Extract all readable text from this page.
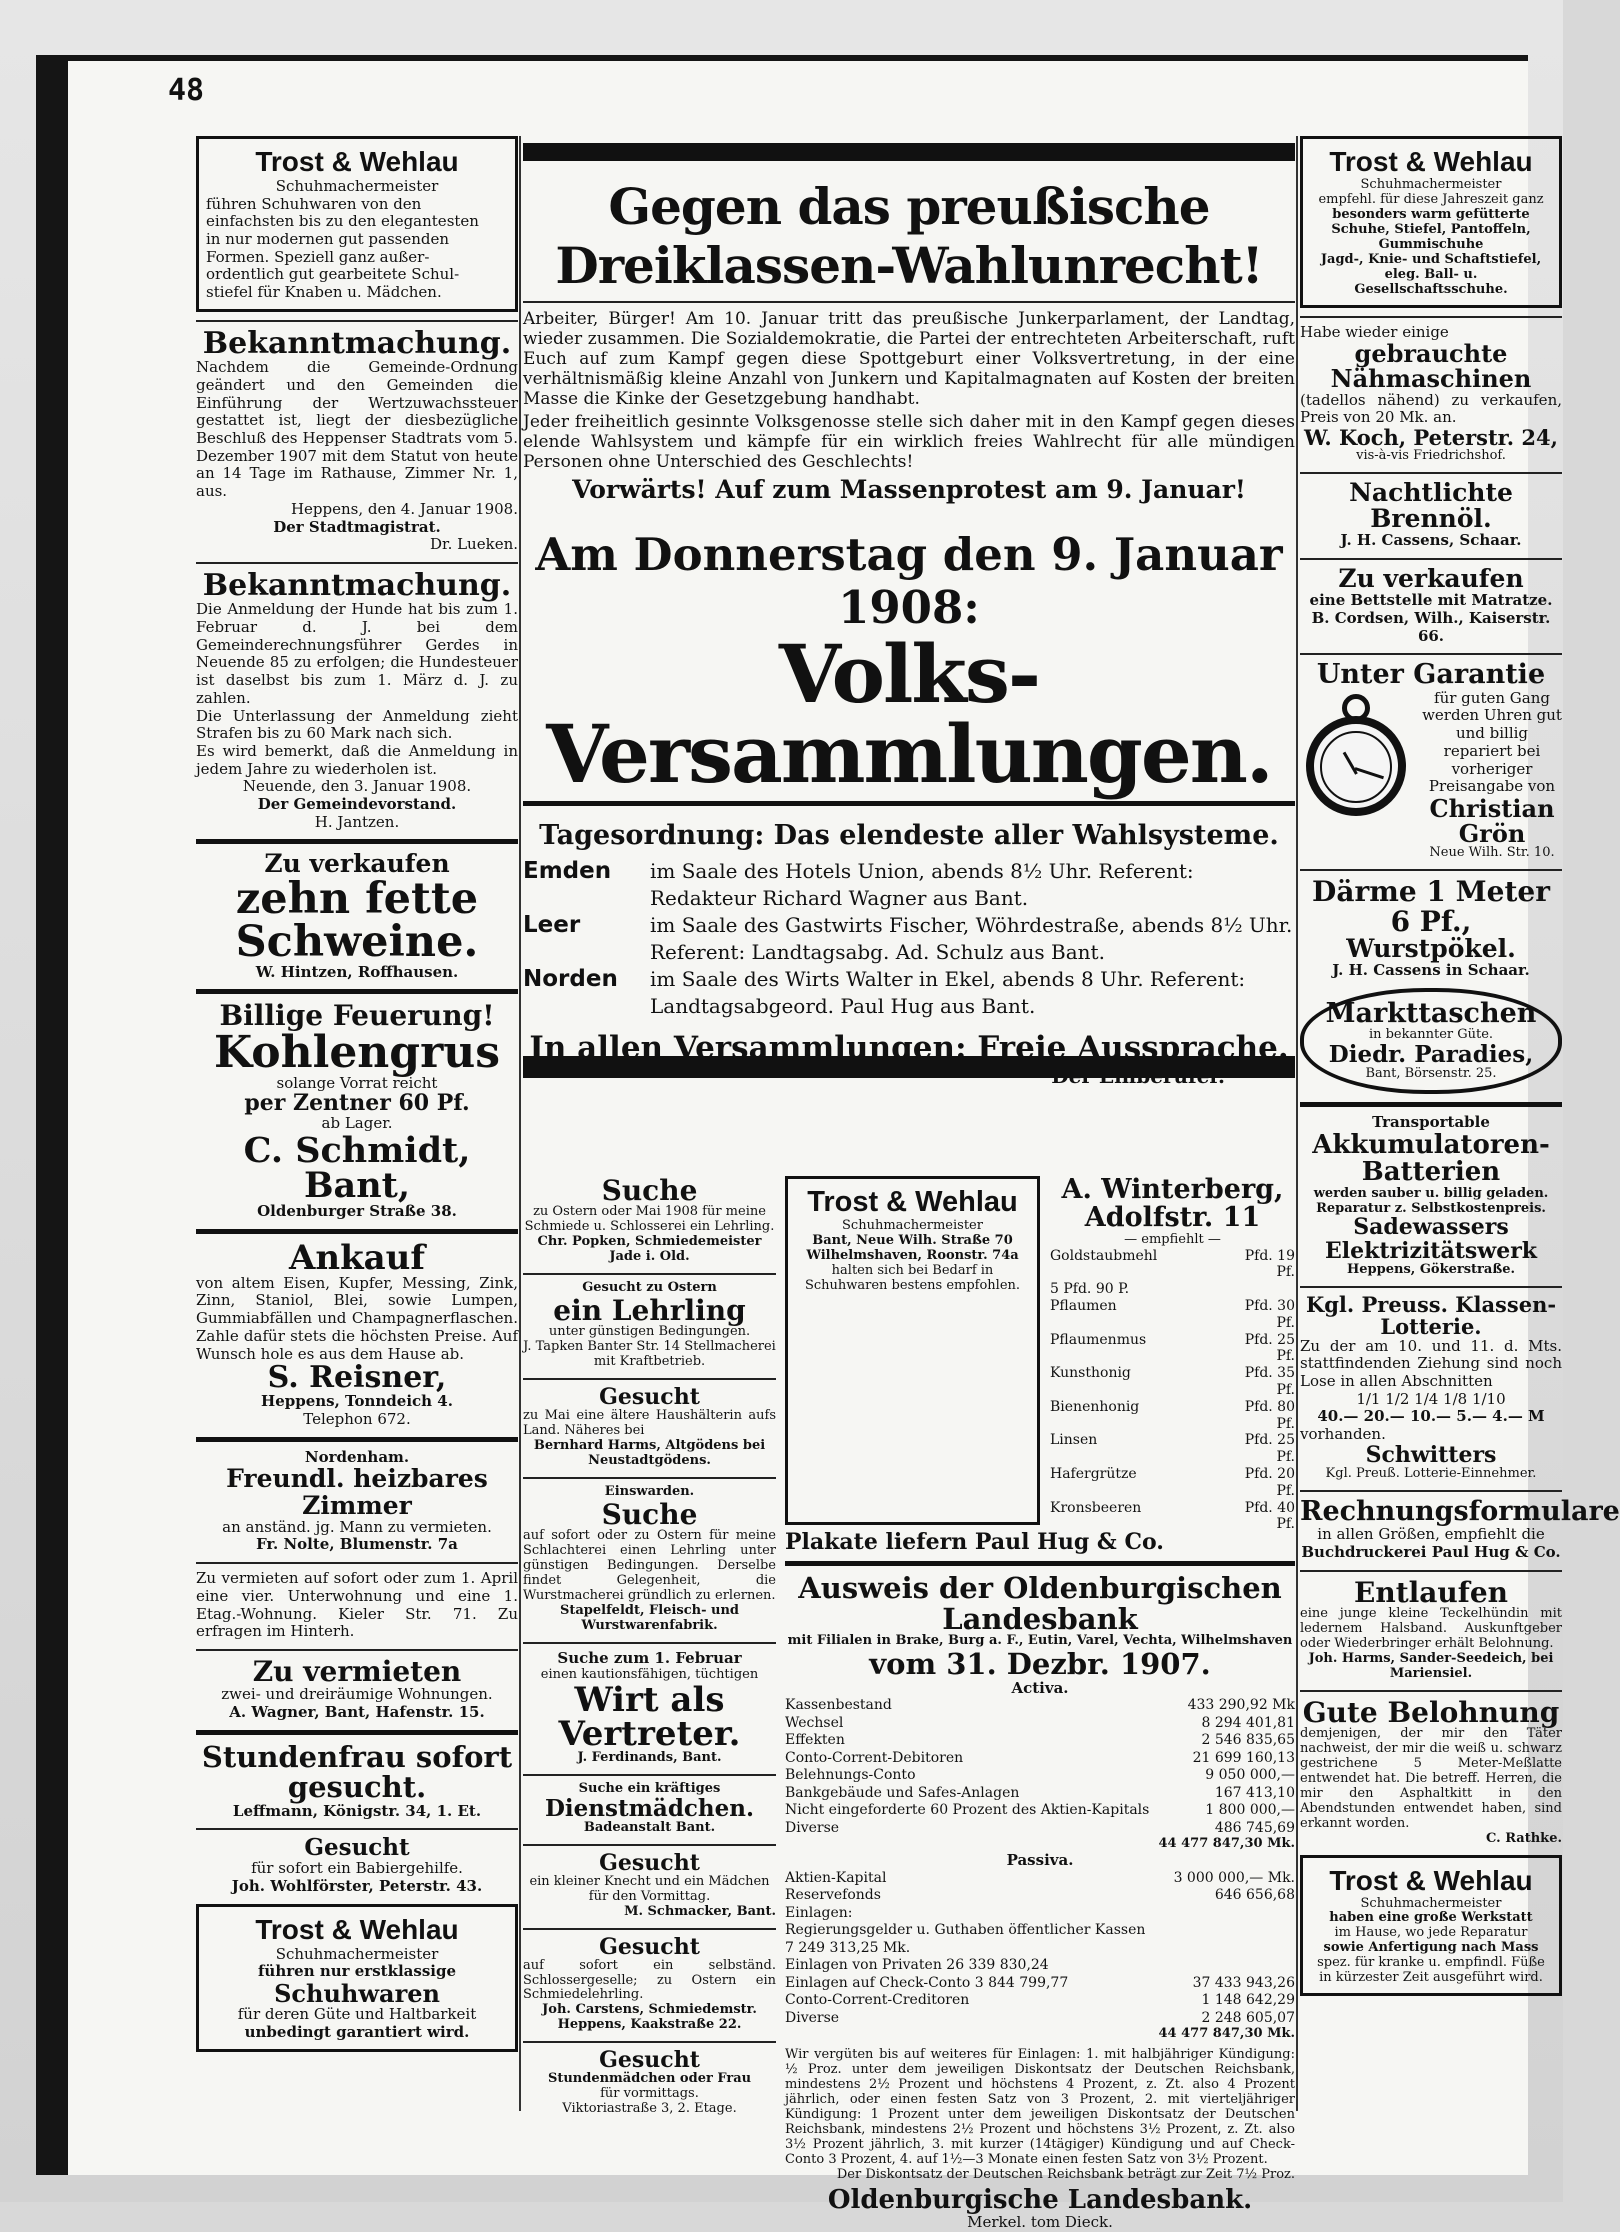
48
Trost & Wehlau
Schuhmachermeister
führen Schuhwaren von den
einfachsten bis zu den elegantesten
in nur modernen gut passenden
Formen. Speziell ganz außer-
ordentlich gut gearbeitete Schul-
stiefel für Knaben u. Mädchen.
Bekanntmachung.
Nachdem die Gemeinde-Ordnung geändert und den Gemeinden die Einführung der Wertzuwachssteuer gestattet ist, liegt der diesbezügliche Beschluß des Heppenser Stadtrats vom 5. Dezember 1907 mit dem Statut von heute an 14 Tage im Rathause, Zimmer Nr. 1, aus.
Heppens, den 4. Januar 1908.
Der Stadtmagistrat.
Dr. Lueken.
Bekanntmachung.
Die Anmeldung der Hunde hat bis zum 1. Februar d. J. bei dem Gemeinderechnungsführer Gerdes in Neuende 85 zu erfolgen; die Hundesteuer ist daselbst bis zum 1. März d. J. zu zahlen.
Die Unterlassung der Anmeldung zieht Strafen bis zu 60 Mark nach sich.
Es wird bemerkt, daß die Anmeldung in jedem Jahre zu wiederholen ist.
Neuende, den 3. Januar 1908.
Der Gemeindevorstand.
H. Jantzen.
Zu verkaufen
zehn fette Schweine.
W. Hintzen, Roffhausen.
Billige Feuerung!
Kohlengrus
solange Vorrat reicht
per Zentner 60 Pf.
ab Lager.
C. Schmidt, Bant,
Oldenburger Straße 38.
Ankauf
von altem Eisen, Kupfer, Messing, Zink, Zinn, Staniol, Blei, sowie Lumpen, Gummiabfällen und Champagnerflaschen. Zahle dafür stets die höchsten Preise. Auf Wunsch hole es aus dem Hause ab.
S. Reisner,
Heppens, Tonndeich 4.
Telephon 672.
Nordenham.
Freundl. heizbares Zimmer
an anständ. jg. Mann zu vermieten.
Fr. Nolte, Blumenstr. 7a
Zu vermieten auf sofort oder zum 1. April eine vier. Unterwohnung und eine 1. Etag.-Wohnung. Kieler Str. 71. Zu erfragen im Hinterh.
Zu vermieten
zwei- und dreiräumige Wohnungen.
A. Wagner, Bant, Hafenstr. 15.
Stundenfrau sofort gesucht.
Leffmann, Königstr. 34, 1. Et.
Gesucht
für sofort ein Babiergehilfe.
Joh. Wohlförster, Peterstr. 43.
Trost & Wehlau
Schuhmachermeister
führen nur erstklassige
Schuhwaren
für deren Güte und Haltbarkeit
unbedingt garantiert wird.
Gegen das preußische Dreiklassen-Wahlunrecht!

Arbeiter, Bürger! Am 10. Januar tritt das preußische Junkerparlament, der Landtag, wieder zusammen. Die Sozialdemokratie, die Partei der entrechteten Arbeiterschaft, ruft Euch auf zum Kampf gegen diese Spottgeburt einer Volksvertretung, in der eine verhältnismäßig kleine Anzahl von Junkern und Kapitalmagnaten auf Kosten der breiten Masse die Kinke der Gesetzgebung handhabt.

Jeder freiheitlich gesinnte Volksgenosse stelle sich daher mit in den Kampf gegen dieses elende Wahlsystem und kämpfe für ein wirklich freies Wahlrecht für alle mündigen Personen ohne Unterschied des Geschlechts!

Vorwärts! Auf zum Massenprotest am 9. Januar!
Am Donnerstag den 9. Januar 1908:
Volks-Versammlungen.
Tagesordnung: Das elendeste aller Wahlsysteme.
Emden	im Saale des Hotels Union, abends 8½ Uhr. Referent: Redakteur Richard Wagner aus Bant.
Leer	im Saale des Gastwirts Fischer, Wöhrdestraße, abends 8½ Uhr. Referent: Landtagsabg. Ad. Schulz aus Bant.
Norden	im Saale des Wirts Walter in Ekel, abends 8 Uhr. Referent: Landtagsabgeord. Paul Hug aus Bant.
In allen Versammlungen: Freie Aussprache.
Der Einberufer.
Suche
zu Ostern oder Mai 1908 für meine Schmiede u. Schlosserei ein Lehrling.
Chr. Popken, Schmiedemeister Jade i. Old.
Gesucht zu Ostern
ein Lehrling
unter günstigen Bedingungen.
J. Tapken Banter Str. 14 Stellmacherei mit Kraftbetrieb.
Gesucht
zu Mai eine ältere Haushälterin aufs Land. Näheres bei
Bernhard Harms, Altgödens bei Neustadtgödens.
Einswarden.
Suche
auf sofort oder zu Ostern für meine Schlachterei einen Lehrling unter günstigen Bedingungen. Derselbe findet Gelegenheit, die Wurstmacherei gründlich zu erlernen.
Stapelfeldt, Fleisch- und Wurstwarenfabrik.
Suche zum 1. Februar
einen kautionsfähigen, tüchtigen
Wirt als Vertreter.
J. Ferdinands, Bant.
Suche ein kräftiges
Dienstmädchen.
Badeanstalt Bant.
Gesucht
ein kleiner Knecht und ein Mädchen für den Vormittag.
M. Schmacker, Bant.
Gesucht
auf sofort ein selbständ. Schlossergeselle; zu Ostern ein Schmiedelehrling.
Joh. Carstens, Schmiedemstr. Heppens, Kaakstraße 22.
Gesucht
Stundenmädchen oder Frau
für vormittags.
Viktoriastraße 3, 2. Etage.
Trost & Wehlau
Schuhmachermeister
Bant, Neue Wilh. Straße 70
Wilhelmshaven, Roonstr. 74a
halten sich bei Bedarf in Schuhwaren bestens empfohlen.
A. Winterberg, Adolfstr. 11
— empfiehlt —
Goldstaubmehl	Pfd. 19 Pf.
5 Pfd. 90 P.
Pflaumen	Pfd. 30 Pf.
Pflaumenmus	Pfd. 25 Pf.
Kunsthonig	Pfd. 35 Pf.
Bienenhonig	Pfd. 80 Pf.
Linsen	Pfd. 25 Pf.
Hafergrütze	Pfd. 20 Pf.
Kronsbeeren	Pfd. 40 Pf.
Plakate liefern Paul Hug & Co.
Ausweis der Oldenburgischen Landesbank
mit Filialen in Brake, Burg a. F., Eutin, Varel, Vechta, Wilhelmshaven
vom 31. Dezbr. 1907.
Activa.
Kassenbestand	433 290,92 Mk
Wechsel	8 294 401,81
Effekten	2 546 835,65
Conto-Corrent-Debitoren	21 699 160,13
Belehnungs-Conto	9 050 000,—
Bankgebäude und Safes-Anlagen	167 413,10
Nicht eingeforderte 60 Prozent des Aktien-Kapitals	1 800 000,—
Diverse	486 745,69
44 477 847,30 Mk.
Passiva.
Aktien-Kapital	3 000 000,— Mk.
Reservefonds	646 656,68
Einlagen:
Regierungsgelder u. Guthaben öffentlicher Kassen 7 249 313,25 Mk.
Einlagen von Privaten 26 339 830,24
Einlagen auf Check-Conto 3 844 799,77	37 433 943,26
Conto-Corrent-Creditoren	1 148 642,29
Diverse	2 248 605,07
44 477 847,30 Mk.
Wir vergüten bis auf weiteres für Einlagen: 1. mit halbjähriger Kündigung: ½ Proz. unter dem jeweiligen Diskontsatz der Deutschen Reichsbank, mindestens 2½ Prozent und höchstens 4 Prozent, z. Zt. also 4 Prozent jährlich, oder einen festen Satz von 3 Prozent, 2. mit vierteljähriger Kündigung: 1 Prozent unter dem jeweiligen Diskontsatz der Deutschen Reichsbank, mindestens 2½ Prozent und höchstens 3½ Prozent, z. Zt. also 3½ Prozent jährlich, 3. mit kurzer (14tägiger) Kündigung und auf Check-Conto 3 Prozent, 4. auf 1½—3 Monate einen festen Satz von 3½ Prozent.
Der Diskontsatz der Deutschen Reichsbank beträgt zur Zeit 7½ Proz.
Oldenburgische Landesbank.
Merkel. tom Dieck.
Trost & Wehlau
Schuhmachermeister
empfehl. für diese Jahreszeit ganz
besonders warm gefütterte
Schuhe, Stiefel, Pantoffeln, Gummischuhe
Jagd-, Knie- und Schaftstiefel,
eleg. Ball- u. Gesellschaftsschuhe.
Habe wieder einige
gebrauchte Nähmaschinen
(tadellos nähend) zu verkaufen, Preis von 20 Mk. an.
W. Koch, Peterstr. 24,
vis-à-vis Friedrichshof.
Nachtlichte Brennöl.
J. H. Cassens, Schaar.
Zu verkaufen
eine Bettstelle mit Matratze.
B. Cordsen, Wilh., Kaiserstr. 66.
Unter Garantie
für guten Gang werden Uhren gut und billig repariert bei vorheriger Preisangabe von
Christian Grön
Neue Wilh. Str. 10.
Därme 1 Meter 6 Pf.,
Wurstpökel.
J. H. Cassens in Schaar.
Markttaschen
in bekannter Güte.
Diedr. Paradies,
Bant, Börsenstr. 25.
Transportable
Akkumulatoren-Batterien
werden sauber u. billig geladen. Reparatur z. Selbstkostenpreis.
Sadewassers Elektrizitätswerk
Heppens, Gökerstraße.
Kgl. Preuss. Klassen-Lotterie.
Zu der am 10. und 11. d. Mts. stattfindenden Ziehung sind noch Lose in allen Abschnitten
1/1 1/2 1/4 1/8 1/10
40.— 20.— 10.— 5.— 4.— M
vorhanden.
Schwitters
Kgl. Preuß. Lotterie-Einnehmer.
Rechnungsformulare
in allen Größen, empfiehlt die
Buchdruckerei Paul Hug & Co.
Entlaufen
eine junge kleine Teckelhündin mit ledernem Halsband. Auskunftgeber oder Wiederbringer erhält Belohnung.
Joh. Harms, Sander-Seedeich, bei Mariensiel.
Gute Belohnung
demjenigen, der mir den Täter nachweist, der mir die weiß u. schwarz gestrichene 5 Meter-Meßlatte entwendet hat. Die betreff. Herren, die mir den Asphaltkitt in den Abendstunden entwendet haben, sind erkannt worden.
C. Rathke.
Trost & Wehlau
Schuhmachermeister
haben eine große Werkstatt
im Hause, wo jede Reparatur
sowie Anfertigung nach Mass
spez. für kranke u. empfindl. Füße
in kürzester Zeit ausgeführt wird.
